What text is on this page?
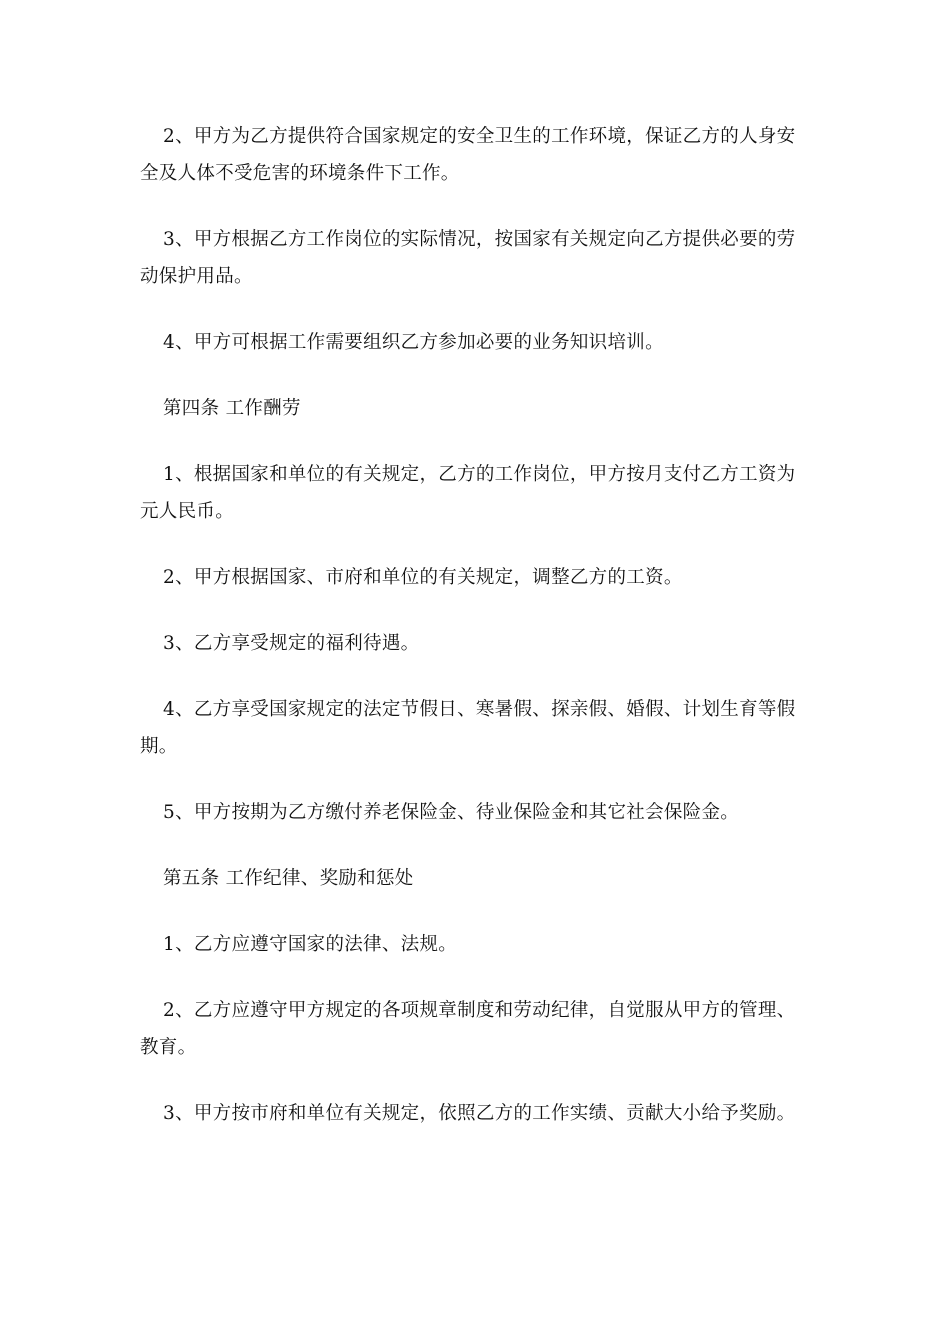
2、甲方为乙方提供符合国家规定的安全卫生的工作环境，保证乙方的人身安全及人体不受危害的环境条件下工作。

3、甲方根据乙方工作岗位的实际情况，按国家有关规定向乙方提供必要的劳动保护用品。

4、甲方可根据工作需要组织乙方参加必要的业务知识培训。

第四条 工作酬劳

1、根据国家和单位的有关规定，乙方的工作岗位，甲方按月支付乙方工资为元人民币。

2、甲方根据国家、市府和单位的有关规定，调整乙方的工资。

3、乙方享受规定的福利待遇。

4、乙方享受国家规定的法定节假日、寒暑假、探亲假、婚假、计划生育等假期。

5、甲方按期为乙方缴付养老保险金、待业保险金和其它社会保险金。

第五条 工作纪律、奖励和惩处

1、乙方应遵守国家的法律、法规。

2、乙方应遵守甲方规定的各项规章制度和劳动纪律，自觉服从甲方的管理、教育。

3、甲方按市府和单位有关规定，依照乙方的工作实绩、贡献大小给予奖励。
